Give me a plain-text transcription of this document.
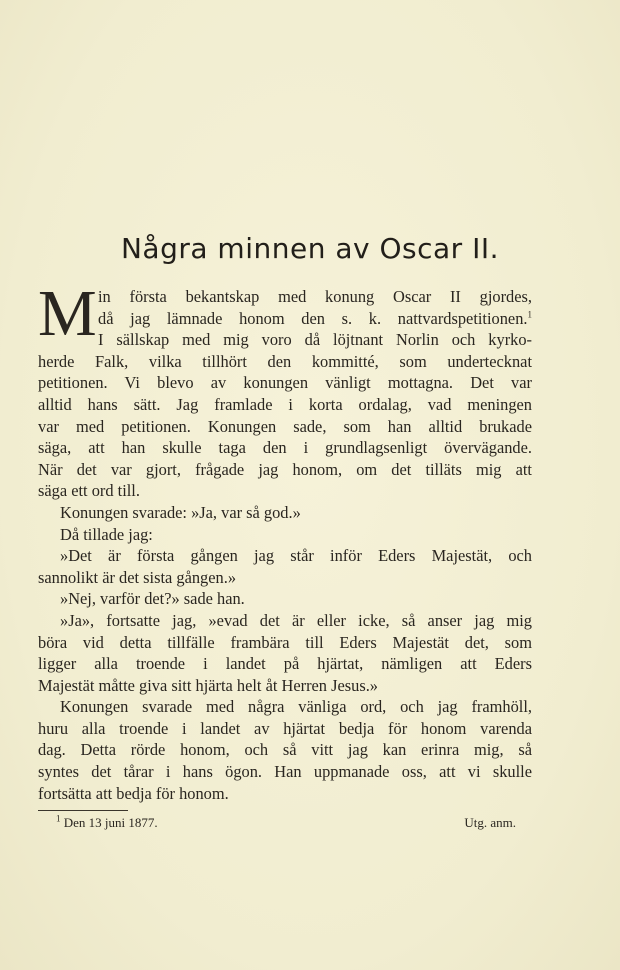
Några minnen av Oscar II.
M in första bekantskap med konung Oscar II gjordes,
då jag lämnade honom den s. k. nattvardspetitionen.$^1$
I sällskap med mig voro då löjtnant Norlin och kyrko-
herde Falk, vilka tillhört den kommitté, som undertecknat
petitionen. Vi blevo av konungen vänligt mottagna. Det var
alltid hans sätt. Jag framlade i korta ordalag, vad meningen
var med petitionen. Konungen sade, som han alltid brukade
säga, att han skulle taga den i grundlagsenligt övervägande.
När det var gjort, frågade jag honom, om det tilläts mig att
säga ett ord till.
Konungen svarade: »Ja, var så god.»
Då tillade jag:
»Det är första gången jag står inför Eders Majestät, och
sannolikt är det sista gången.»
»Nej, varför det?» sade han.
»Ja», fortsatte jag, »evad det är eller icke, så anser jag mig
böra vid detta tillfälle frambära till Eders Majestät det, som
ligger alla troende i landet på hjärtat, nämligen att Eders
Majestät måtte giva sitt hjärta helt åt Herren Jesus.»
Konungen svarade med några vänliga ord, och jag framhöll,
huru alla troende i landet av hjärtat bedja för honom varenda
dag. Detta rörde honom, och så vitt jag kan erinra mig, så
syntes det tårar i hans ögon. Han uppmanade oss, att vi skulle
fortsätta att bedja för honom.
$^1$ Den 13 juni 1877.	Utg. anm.
